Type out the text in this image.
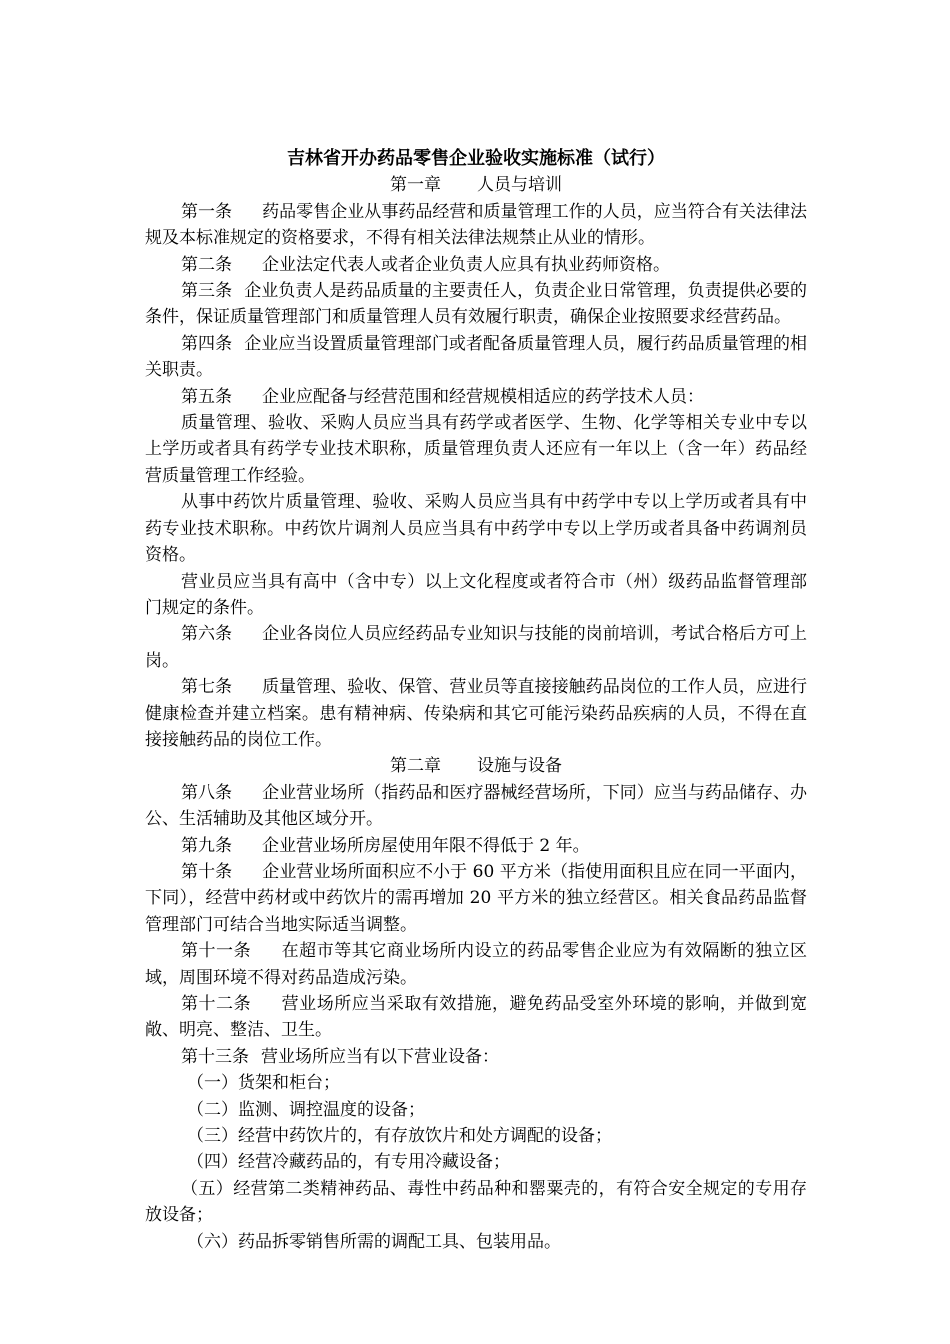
吉林省开办药品零售企业验收实施标准（试行）
第一章 人员与培训

第一条 药品零售企业从事药品经营和质量管理工作的人员，应当符合有关法律法规及本标准规定的资格要求，不得有相关法律法规禁止从业的情形。

第二条 企业法定代表人或者企业负责人应具有执业药师资格。

第三条 企业负责人是药品质量的主要责任人，负责企业日常管理，负责提供必要的条件，保证质量管理部门和质量管理人员有效履行职责，确保企业按照要求经营药品。

第四条 企业应当设置质量管理部门或者配备质量管理人员，履行药品质量管理的相关职责。

第五条 企业应配备与经营范围和经营规模相适应的药学技术人员：

质量管理、验收、采购人员应当具有药学或者医学、生物、化学等相关专业中专以上学历或者具有药学专业技术职称，质量管理负责人还应有一年以上（含一年）药品经营质量管理工作经验。

从事中药饮片质量管理、验收、采购人员应当具有中药学中专以上学历或者具有中药专业技术职称。中药饮片调剂人员应当具有中药学中专以上学历或者具备中药调剂员资格。

营业员应当具有高中（含中专）以上文化程度或者符合市（州）级药品监督管理部门规定的条件。

第六条 企业各岗位人员应经药品专业知识与技能的岗前培训，考试合格后方可上岗。

第七条 质量管理、验收、保管、营业员等直接接触药品岗位的工作人员，应进行健康检查并建立档案。患有精神病、传染病和其它可能污染药品疾病的人员，不得在直接接触药品的岗位工作。

第二章 设施与设备

第八条 企业营业场所（指药品和医疗器械经营场所，下同）应当与药品储存、办公、生活辅助及其他区域分开。

第九条 企业营业场所房屋使用年限不得低于 2 年。

第十条 企业营业场所面积应不小于 60 平方米（指使用面积且应在同一平面内，下同），经营中药材或中药饮片的需再增加 20 平方米的独立经营区。相关食品药品监督管理部门可结合当地实际适当调整。

第十一条 在超市等其它商业场所内设立的药品零售企业应为有效隔断的独立区域，周围环境不得对药品造成污染。

第十二条 营业场所应当采取有效措施，避免药品受室外环境的影响，并做到宽敞、明亮、整洁、卫生。

第十三条 营业场所应当有以下营业设备：

（一）货架和柜台；

（二）监测、调控温度的设备；

（三）经营中药饮片的，有存放饮片和处方调配的设备；

（四）经营冷藏药品的，有专用冷藏设备；

（五）经营第二类精神药品、毒性中药品种和罂粟壳的，有符合安全规定的专用存放设备；

（六）药品拆零销售所需的调配工具、包装用品。
